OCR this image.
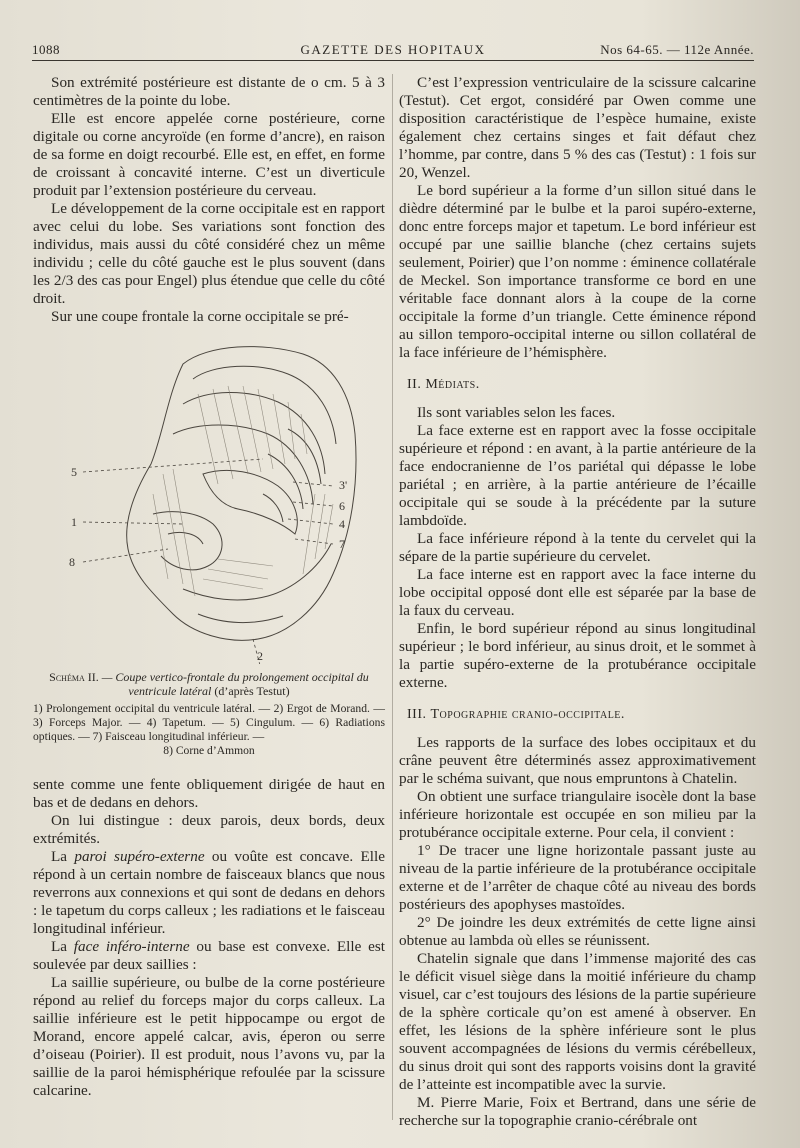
1088	GAZETTE DES HOPITAUX	Nos 64-65. — 112e Année.

Son extrémité postérieure est distante de o cm. 5 à 3 centimètres de la pointe du lobe.

Elle est encore appelée corne postérieure, corne digitale ou corne ancyroïde (en forme d’ancre), en raison de sa forme en doigt recourbé. Elle est, en effet, en forme de croissant à concavité interne. C’est un diverticule produit par l’extension postérieure du cerveau.

Le développement de la corne occipitale est en rapport avec celui du lobe. Ses variations sont fonction des individus, mais aussi du côté considéré chez un même individu ; celle du côté gauche est le plus souvent (dans les 2/3 des cas pour Engel) plus étendue que celle du côté droit.

Sur une coupe frontale la corne occipitale se pré-

5
1
8
3'
6
4
7
2
Schéma II. — Coupe vertico-frontale du prolongement occipital du ventricule latéral (d’après Testut)
1) Prolongement occipital du ventricule latéral. — 2) Ergot de Morand. — 3) Forceps Major. — 4) Tapetum. — 5) Cingulum. — 6) Radiations optiques. — 7) Faisceau longitudinal inférieur. —
8) Corne d’Ammon

sente comme une fente obliquement dirigée de haut en bas et de dedans en dehors.

On lui distingue : deux parois, deux bords, deux extrémités.

La paroi supéro-externe ou voûte est concave. Elle répond à un certain nombre de faisceaux blancs que nous reverrons aux connexions et qui sont de dedans en dehors : le tapetum du corps calleux ; les radiations et le faisceau longitudinal inférieur.

La face inféro-interne ou base est convexe. Elle est soulevée par deux saillies :

La saillie supérieure, ou bulbe de la corne postérieure répond au relief du forceps major du corps calleux. La saillie inférieure est le petit hippocampe ou ergot de Morand, encore appelé calcar, avis, éperon ou serre d’oiseau (Poirier). Il est produit, nous l’avons vu, par la saillie de la paroi hémisphérique refoulée par la scissure calcarine.

C’est l’expression ventriculaire de la scissure calcarine (Testut). Cet ergot, considéré par Owen comme une disposition caractéristique de l’espèce humaine, existe également chez certains singes et fait défaut chez l’homme, par contre, dans 5 % des cas (Testut) : 1 fois sur 20, Wenzel.

Le bord supérieur a la forme d’un sillon situé dans le dièdre déterminé par le bulbe et la paroi supéro-externe, donc entre forceps major et tapetum. Le bord inférieur est occupé par une saillie blanche (chez certains sujets seulement, Poirier) que l’on nomme : éminence collatérale de Meckel. Son importance transforme ce bord en une véritable face donnant alors à la coupe de la corne occipitale la forme d’un triangle. Cette éminence répond au sillon temporo-occipital interne ou sillon collatéral de la face inférieure de l’hémisphère.

II. Médiats.

Ils sont variables selon les faces.

La face externe est en rapport avec la fosse occipitale supérieure et répond : en avant, à la partie antérieure de la face endocranienne de l’os pariétal qui dépasse le lobe pariétal ; en arrière, à la partie antérieure de l’écaille occipitale qui se soude à la précédente par la suture lambdoïde.

La face inférieure répond à la tente du cervelet qui la sépare de la partie supérieure du cervelet.

La face interne est en rapport avec la face interne du lobe occipital opposé dont elle est séparée par la base de la faux du cerveau.

Enfin, le bord supérieur répond au sinus longitudinal supérieur ; le bord inférieur, au sinus droit, et le sommet à la partie supéro-externe de la protubérance occipitale externe.

III. Topographie cranio-occipitale.

Les rapports de la surface des lobes occipitaux et du crâne peuvent être déterminés assez approximativement par le schéma suivant, que nous empruntons à Chatelin.

On obtient une surface triangulaire isocèle dont la base inférieure horizontale est occupée en son milieu par la protubérance occipitale externe. Pour cela, il convient :

1° De tracer une ligne horizontale passant juste au niveau de la partie inférieure de la protubérance occipitale externe et de l’arrêter de chaque côté au niveau des bords postérieurs des apophyses mastoïdes.

2° De joindre les deux extrémités de cette ligne ainsi obtenue au lambda où elles se réunissent.

Chatelin signale que dans l’immense majorité des cas le déficit visuel siège dans la moitié inférieure du champ visuel, car c’est toujours des lésions de la partie supérieure de la sphère corticale qu’on est amené à observer. En effet, les lésions de la sphère inférieure sont le plus souvent accompagnées de lésions du vermis cérébelleux, du sinus droit qui sont des rapports voisins dont la gravité de l’atteinte est incompatible avec la survie.

M. Pierre Marie, Foix et Bertrand, dans une série de recherche sur la topographie cranio-cérébrale ont
